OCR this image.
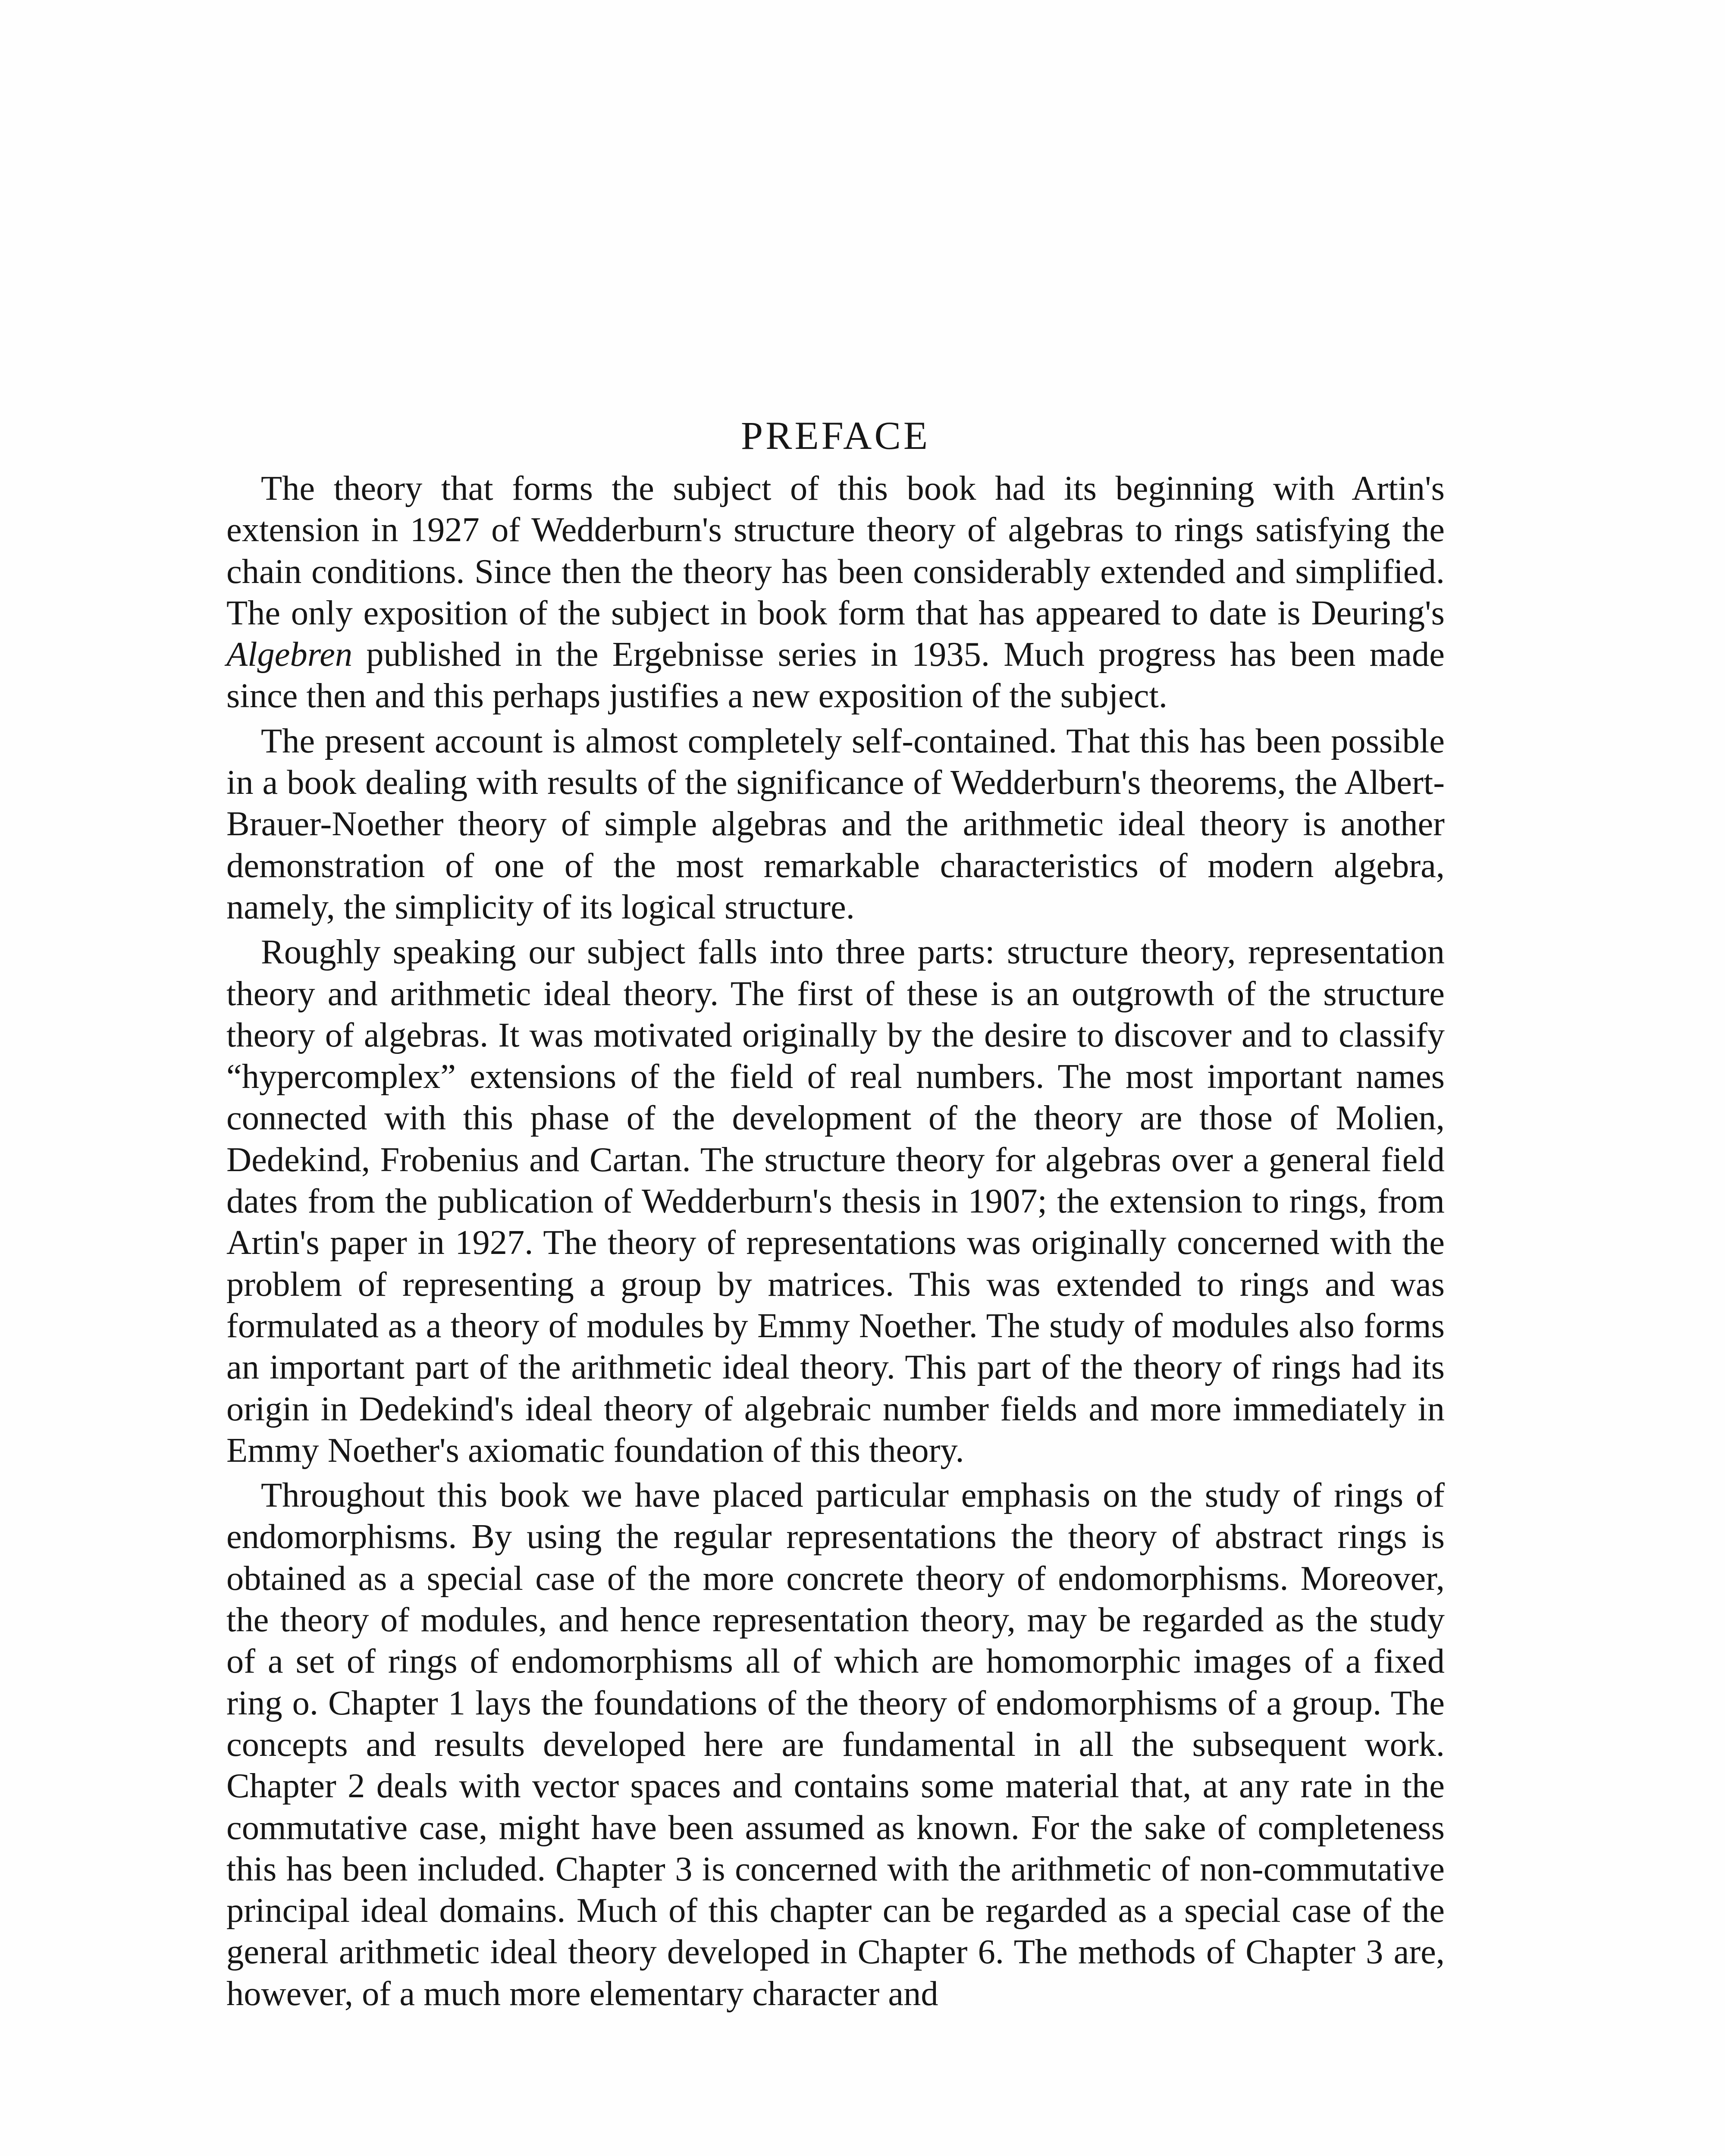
PREFACE

The theory that forms the subject of this book had its beginning with Artin's extension in 1927 of Wedderburn's structure theory of algebras to rings satisfying the chain conditions. Since then the theory has been considerably extended and simplified. The only exposition of the subject in book form that has appeared to date is Deuring's Algebren published in the Ergebnisse series in 1935. Much progress has been made since then and this perhaps justifies a new exposition of the subject.

The present account is almost completely self-contained. That this has been possible in a book dealing with results of the significance of Wedderburn's theorems, the Albert-Brauer-Noether theory of simple algebras and the arithmetic ideal theory is another demonstration of one of the most remarkable characteristics of modern algebra, namely, the simplicity of its logical structure.

Roughly speaking our subject falls into three parts: structure theory, representation theory and arithmetic ideal theory. The first of these is an outgrowth of the structure theory of algebras. It was motivated originally by the desire to discover and to classify “hypercomplex” extensions of the field of real numbers. The most important names connected with this phase of the development of the theory are those of Molien, Dedekind, Frobenius and Cartan. The structure theory for algebras over a general field dates from the publication of Wedderburn's thesis in 1907; the extension to rings, from Artin's paper in 1927. The theory of representations was originally concerned with the problem of representing a group by matrices. This was extended to rings and was formulated as a theory of modules by Emmy Noether. The study of modules also forms an important part of the arithmetic ideal theory. This part of the theory of rings had its origin in Dedekind's ideal theory of algebraic number fields and more immediately in Emmy Noether's axiomatic foundation of this theory.

Throughout this book we have placed particular emphasis on the study of rings of endomorphisms. By using the regular representations the theory of abstract rings is obtained as a special case of the more concrete theory of endomorphisms. Moreover, the theory of modules, and hence representation theory, may be regarded as the study of a set of rings of endomorphisms all of which are homomorphic images of a fixed ring ο. Chapter 1 lays the foundations of the theory of endomorphisms of a group. The concepts and results developed here are fundamental in all the subsequent work. Chapter 2 deals with vector spaces and contains some material that, at any rate in the commutative case, might have been assumed as known. For the sake of completeness this has been included. Chapter 3 is concerned with the arithmetic of non-commutative principal ideal domains. Much of this chapter can be regarded as a special case of the general arithmetic ideal theory developed in Chapter 6. The methods of Chapter 3 are, however, of a much more elementary character and
